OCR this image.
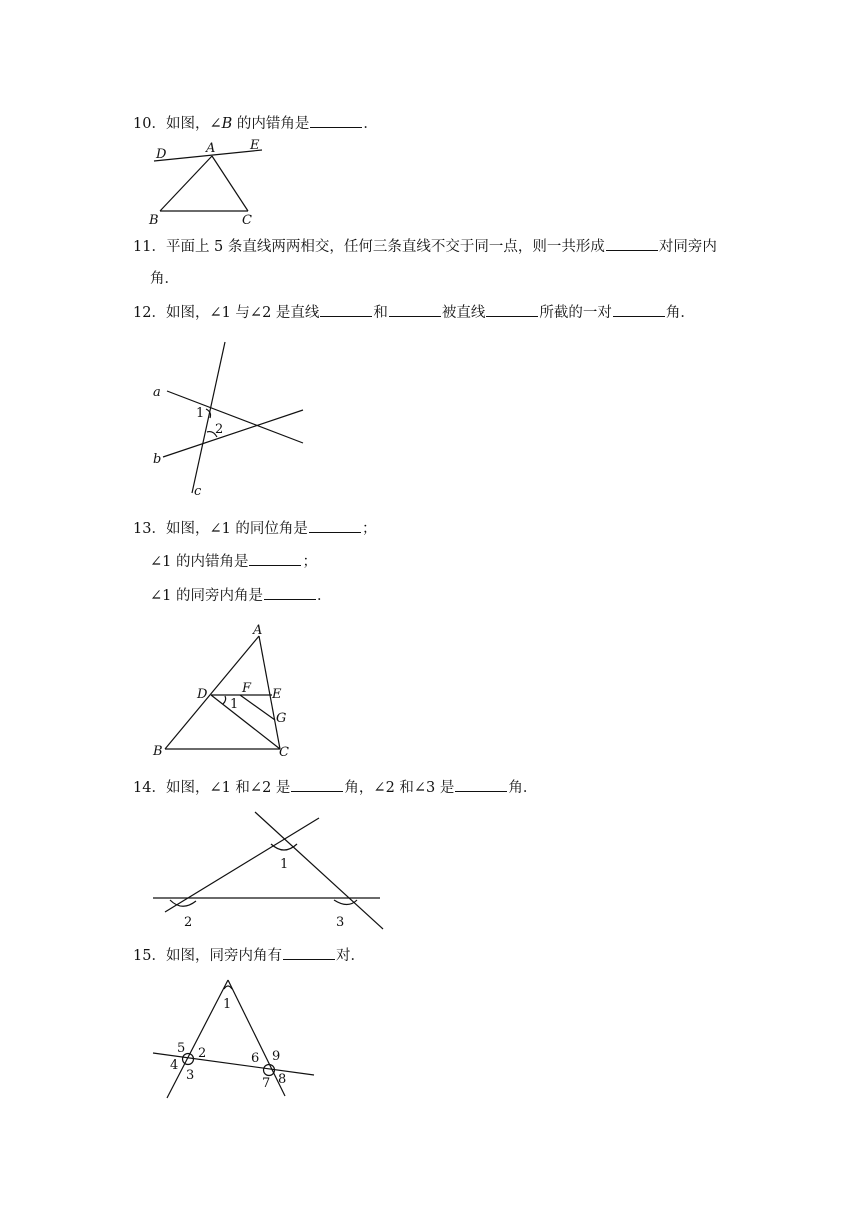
10．如图，∠B 的内错角是	．
D	A	E
B	C
11．平面上 5 条直线两两相交，任何三条直线不交于同一点，则一共形成	对同旁内
角．
12．如图，∠1 与∠2 是直线	和	被直线	所截的一对	角．
a
b
c
1
2
13．如图，∠1 的同位角是	；
∠1 的内错角是	；
∠1 的同旁内角是	．
A
D	F E
1
G
B	C
14．如图，∠1 和∠2 是	角，∠2 和∠3 是	角．
1
2	3
15．如图，同旁内角有	对．
1
5 2
4
3
6 9
7 8
